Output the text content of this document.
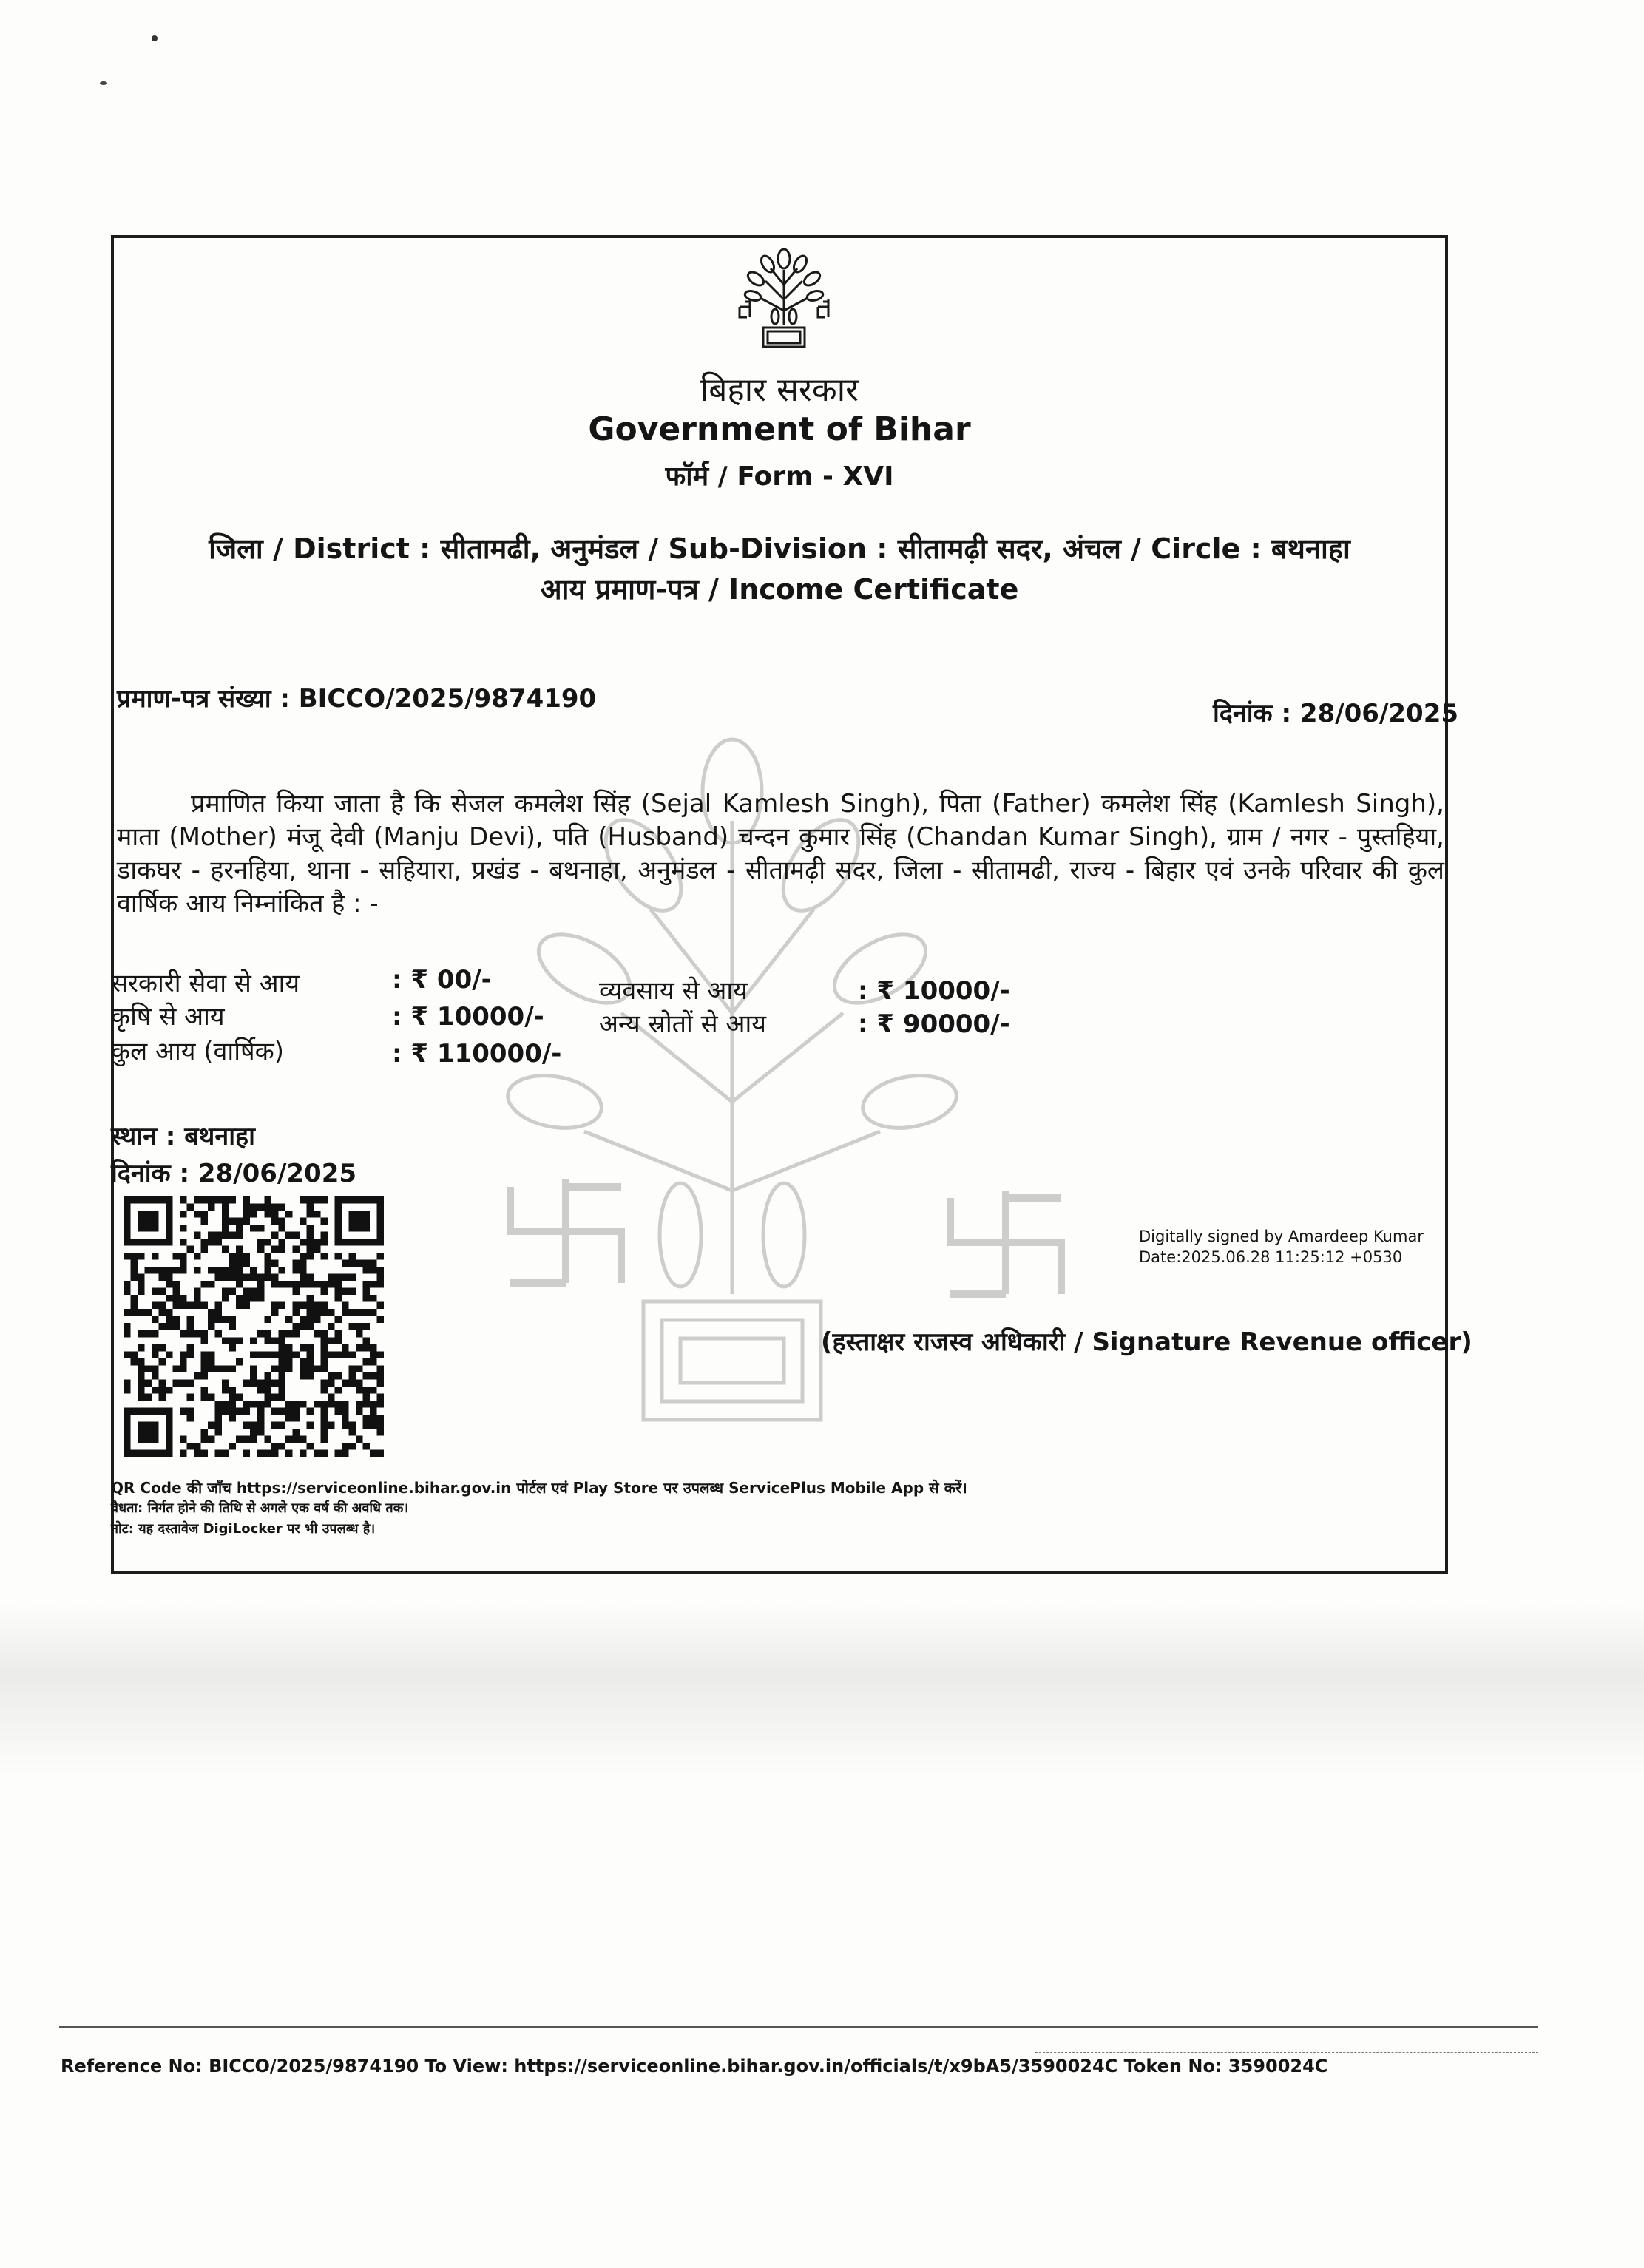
बिहार सरकार
Government of Bihar
फॉर्म / Form - XVI
जिला / District : सीतामढी, अनुमंडल / Sub-Division : सीतामढ़ी सदर, अंचल / Circle : बथनाहा
आय प्रमाण-पत्र / Income Certificate
प्रमाण-पत्र संख्या : BICCO/2025/9874190	दिनांक : 28/06/2025
प्रमाणित किया जाता है कि सेजल कमलेश सिंह (Sejal Kamlesh Singh), पिता (Father) कमलेश सिंह (Kamlesh Singh), माता (Mother) मंजू देवी (Manju Devi), पति (Husband) चन्दन कुमार सिंह (Chandan Kumar Singh), ग्राम / नगर - पुस्तहिया, डाकघर - हरनहिया, थाना - सहियारा, प्रखंड - बथनाहा, अनुमंडल - सीतामढ़ी सदर, जिला - सीतामढी, राज्य - बिहार एवं उनके परिवार की कुल वार्षिक आय निम्नांकित है : -
सरकारी सेवा से आय	: ₹ 00/-	व्यवसाय से आय	: ₹ 10000/-
कृषि से आय	: ₹ 10000/- अन्य स्रोतों से आय	: ₹ 90000/-
कुल आय (वार्षिक)	: ₹ 110000/-
स्थान : बथनाहा
दिनांक : 28/06/2025
Digitally signed by Amardeep Kumar
Date:2025.06.28 11:25:12 +0530
(हस्ताक्षर राजस्व अधिकारी / Signature Revenue officer)
QR Code की जाँच https://serviceonline.bihar.gov.in पोर्टल एवं Play Store पर उपलब्ध ServicePlus Mobile App से करें।
वैधता: निर्गत होने की तिथि से अगले एक वर्ष की अवधि तक।
नोट: यह दस्तावेज DigiLocker पर भी उपलब्ध है।
Reference No: BICCO/2025/9874190 To View: https://serviceonline.bihar.gov.in/officials/t/x9bA5/3590024C Token No: 3590024C
